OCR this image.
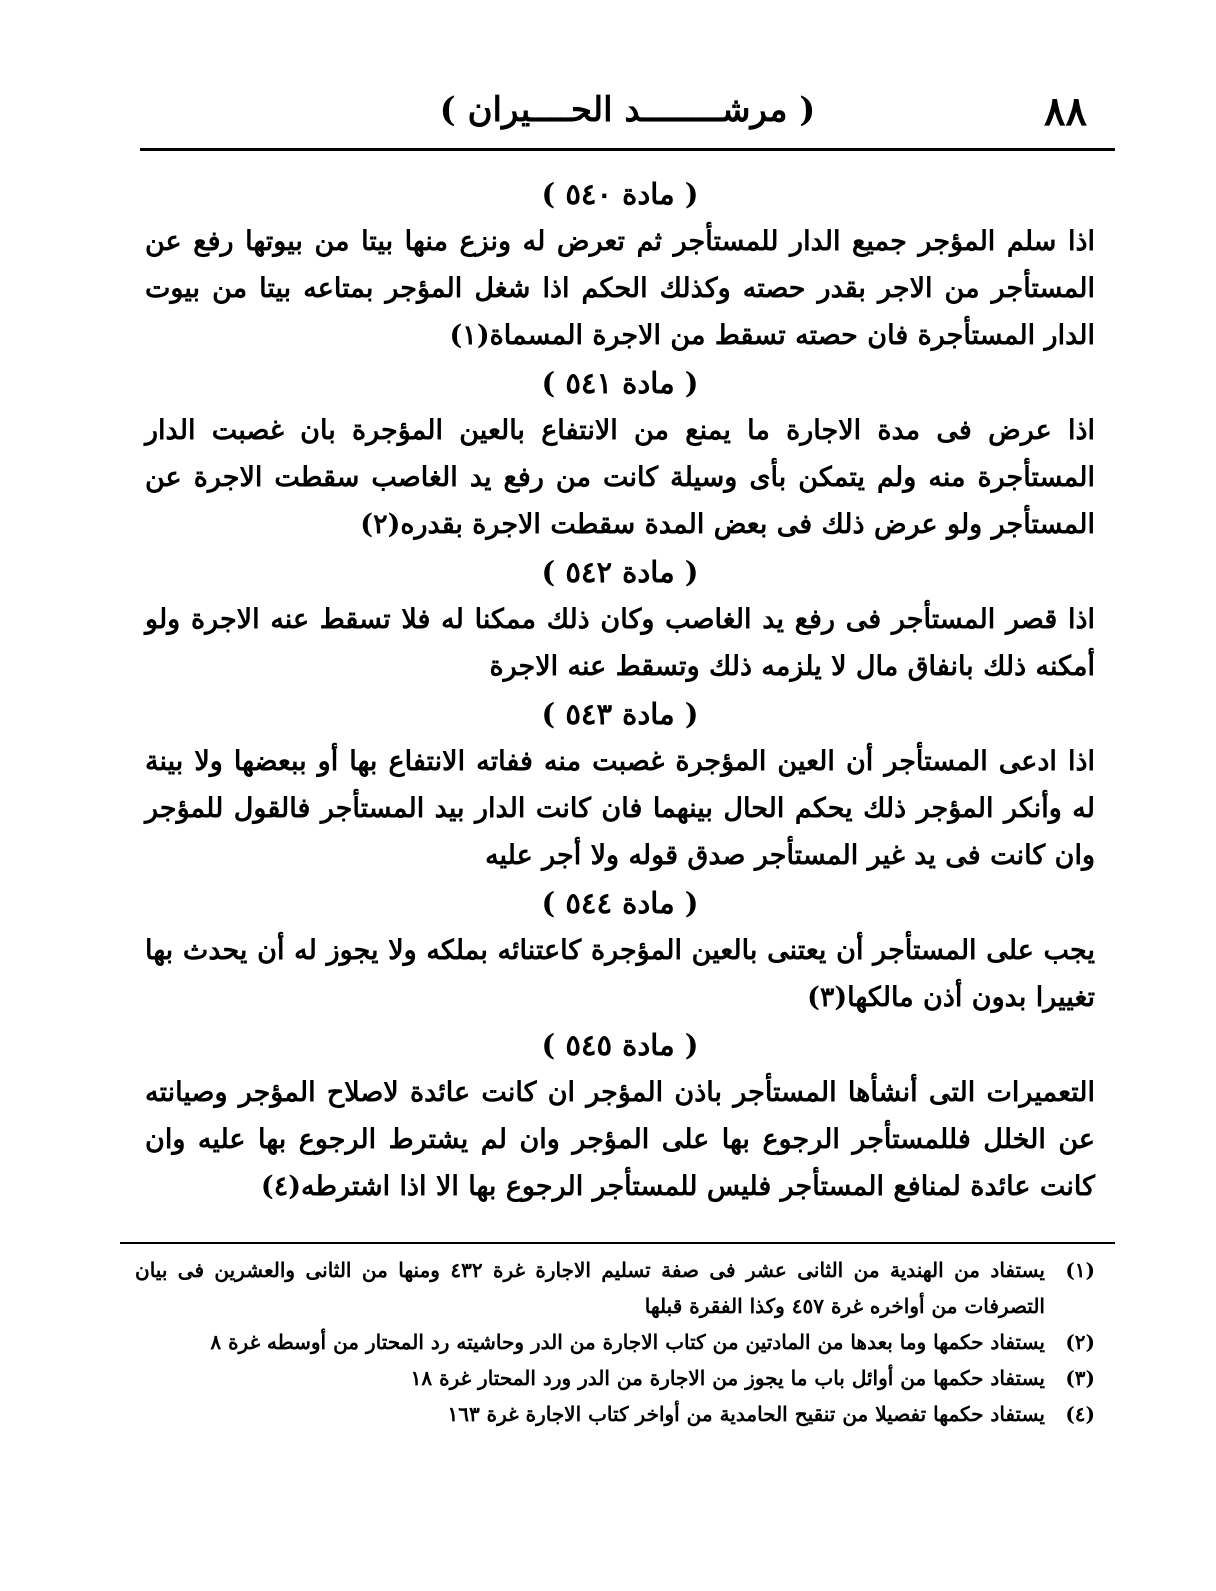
٨٨
( مرشــــــــد الحــــيران )
( مادة ٥٤٠ )
اذا سلم المؤجر جميع الدار للمستأجر ثم تعرض له ونزع منها بيتا من بيوتها رفع عن المستأجر من الاجر بقدر حصته وكذلك الحكم اذا شغل المؤجر بمتاعه بيتا من بيوت الدار المستأجرة فان حصته تسقط من الاجرة المسماة(١)
( مادة ٥٤١ )
اذا عرض فى مدة الاجارة ما يمنع من الانتفاع بالعين المؤجرة بان غصبت الدار المستأجرة منه ولم يتمكن بأى وسيلة كانت من رفع يد الغاصب سقطت الاجرة عن المستأجر ولو عرض ذلك فى بعض المدة سقطت الاجرة بقدره(٢)
( مادة ٥٤٢ )
اذا قصر المستأجر فى رفع يد الغاصب وكان ذلك ممكنا له فلا تسقط عنه الاجرة ولو أمكنه ذلك بانفاق مال لا يلزمه ذلك وتسقط عنه الاجرة
( مادة ٥٤٣ )
اذا ادعى المستأجر أن العين المؤجرة غصبت منه ففاته الانتفاع بها أو ببعضها ولا بينة له وأنكر المؤجر ذلك يحكم الحال بينهما فان كانت الدار بيد المستأجر فالقول للمؤجر وان كانت فى يد غير المستأجر صدق قوله ولا أجر عليه
( مادة ٥٤٤ )
يجب على المستأجر أن يعتنى بالعين المؤجرة كاعتنائه بملكه ولا يجوز له أن يحدث بها تغييرا بدون أذن مالكها(٣)
( مادة ٥٤٥ )
التعميرات التى أنشأها المستأجر باذن المؤجر ان كانت عائدة لاصلاح المؤجر وصيانته عن الخلل فللمستأجر الرجوع بها على المؤجر وان لم يشترط الرجوع بها عليه وان كانت عائدة لمنافع المستأجر فليس للمستأجر الرجوع بها الا اذا اشترطه(٤)
(١)
يستفاد من الهندية من الثانى عشر فى صفة تسليم الاجارة غرة ٤٣٢ ومنها من الثانى والعشرين فى بيان التصرفات من أواخره غرة ٤٥٧ وكذا الفقرة قبلها
(٢)
يستفاد حكمها وما بعدها من المادتين من كتاب الاجارة من الدر وحاشيته رد المحتار من أوسطه غرة ٨
(٣)
يستفاد حكمها من أوائل باب ما يجوز من الاجارة من الدر ورد المحتار غرة ١٨
(٤)
يستفاد حكمها تفصيلا من تنقيح الحامدية من أواخر كتاب الاجارة غرة ١٦٣
